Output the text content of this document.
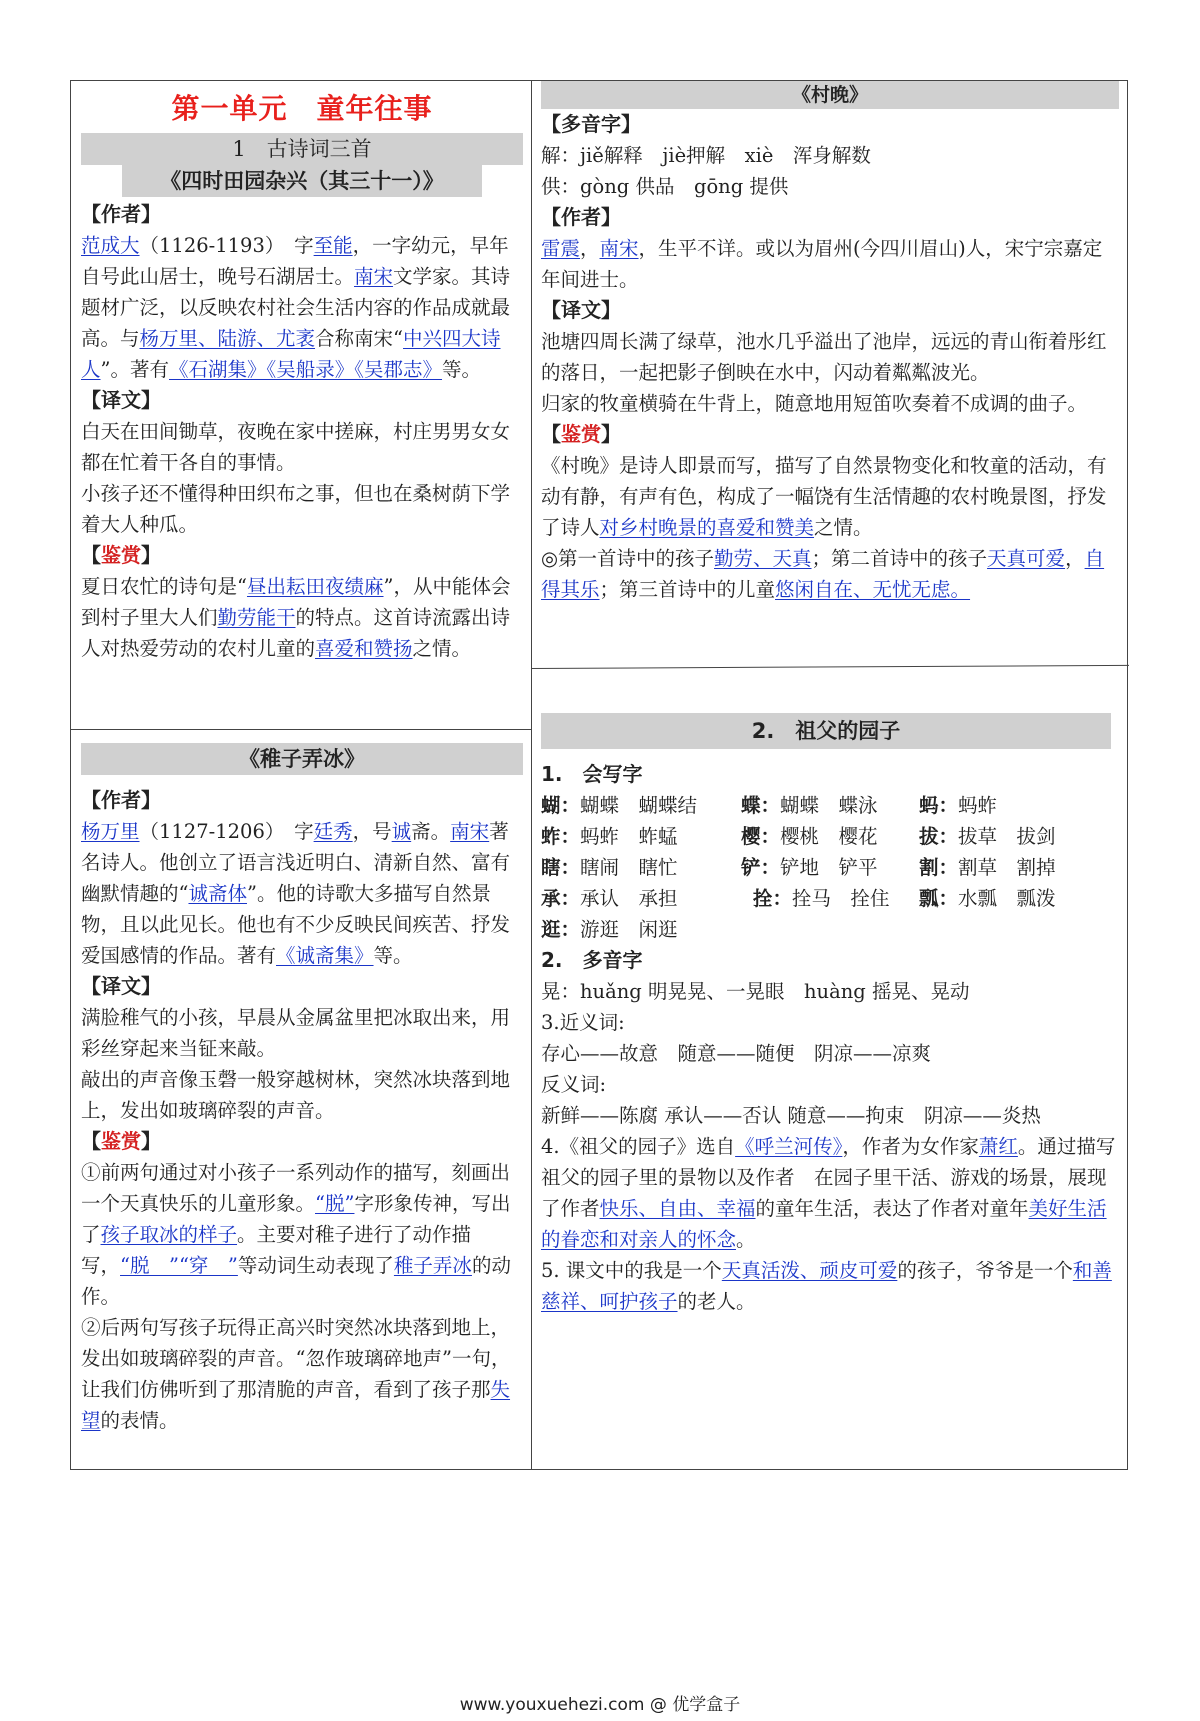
第一单元　童年往事
1　古诗词三首
《四时田园杂兴（其三十一）》

【作者】

范成大（1126-1193）　字至能，一字幼元，早年自号此山居士，晚号石湖居士。南宋文学家。其诗题材广泛，以反映农村社会生活内容的作品成就最高。与杨万里、陆游、尤袤合称南宋“中兴四大诗人”。著有《石湖集》《吴船录》《吴郡志》等。

【译文】

白天在田间锄草，夜晚在家中搓麻，村庄男男女女都在忙着干各自的事情。

小孩子还不懂得种田织布之事，但也在桑树荫下学着大人种瓜。

【鉴赏】

夏日农忙的诗句是“昼出耘田夜绩麻”，从中能体会到村子里大人们勤劳能干的特点。这首诗流露出诗人对热爱劳动的农村儿童的喜爱和赞扬之情。

《稚子弄冰》

【作者】

杨万里（1127-1206）　字廷秀，号诚斋。南宋著名诗人。他创立了语言浅近明白、清新自然、富有幽默情趣的“诚斋体”。他的诗歌大多描写自然景物，且以此见长。他也有不少反映民间疾苦、抒发爱国感情的作品。著有《诚斋集》等。

【译文】

满脸稚气的小孩，早晨从金属盆里把冰取出来，用彩丝穿起来当钲来敲。

敲出的声音像玉磬一般穿越树林，突然冰块落到地上，发出如玻璃碎裂的声音。

【鉴赏】

①前两句通过对小孩子一系列动作的描写，刻画出一个天真快乐的儿童形象。“脱”字形象传神，写出了孩子取冰的样子。主要对稚子进行了动作描写，“脱　”“穿　”等动词生动表现了稚子弄冰的动作。

②后两句写孩子玩得正高兴时突然冰块落到地上，发出如玻璃碎裂的声音。“忽作玻璃碎地声”一句，让我们仿佛听到了那清脆的声音，看到了孩子那失望的表情。

《村晚》

【多音字】

解：jiě解释　jiè押解　xiè　浑身解数

供：gòng 供品　gōng 提供

【作者】

雷震，南宋，生平不详。或以为眉州(今四川眉山)人，宋宁宗嘉定年间进士。

【译文】

池塘四周长满了绿草，池水几乎溢出了池岸，远远的青山衔着彤红的落日，一起把影子倒映在水中，闪动着粼粼波光。

归家的牧童横骑在牛背上，随意地用短笛吹奏着不成调的曲子。

【鉴赏】

《村晚》是诗人即景而写，描写了自然景物变化和牧童的活动，有动有静，有声有色，构成了一幅饶有生活情趣的农村晚景图，抒发了诗人对乡村晚景的喜爱和赞美之情。

◎第一首诗中的孩子勤劳、天真；第二首诗中的孩子天真可爱，自得其乐；第三首诗中的儿童悠闲自在、无忧无虑。

2.　祖父的园子

1.　会写字

蝴：蝴蝶　蝴蝶结	蝶：蝴蝶　蝶泳	蚂：蚂蚱
蚱：蚂蚱　蚱蜢	樱：樱桃　樱花	拔：拔草　拔剑
瞎：瞎闹　瞎忙	铲：铲地　铲平	割：割草　割掉
承：承认　承担	拴：拴马　拴住	瓢：水瓢　瓢泼
逛：游逛　闲逛

2.　多音字

晃：huǎng 明晃晃、一晃眼　huàng 摇晃、晃动

3.近义词:

存心——故意　随意——随便　阴凉——凉爽

反义词:

新鲜——陈腐 承认——否认 随意——拘束　阴凉——炎热

4.《祖父的园子》选自《呼兰河传》，作者为女作家萧红。通过描写祖父的园子里的景物以及作者　在园子里干活、游戏的场景，展现了作者快乐、自由、幸福的童年生活，表达了作者对童年美好生活的眷恋和对亲人的怀念。

5. 课文中的我是一个天真活泼、顽皮可爱的孩子，爷爷是一个和善慈祥、呵护孩子的老人。

www.youxuehezi.com @ 优学盒子
